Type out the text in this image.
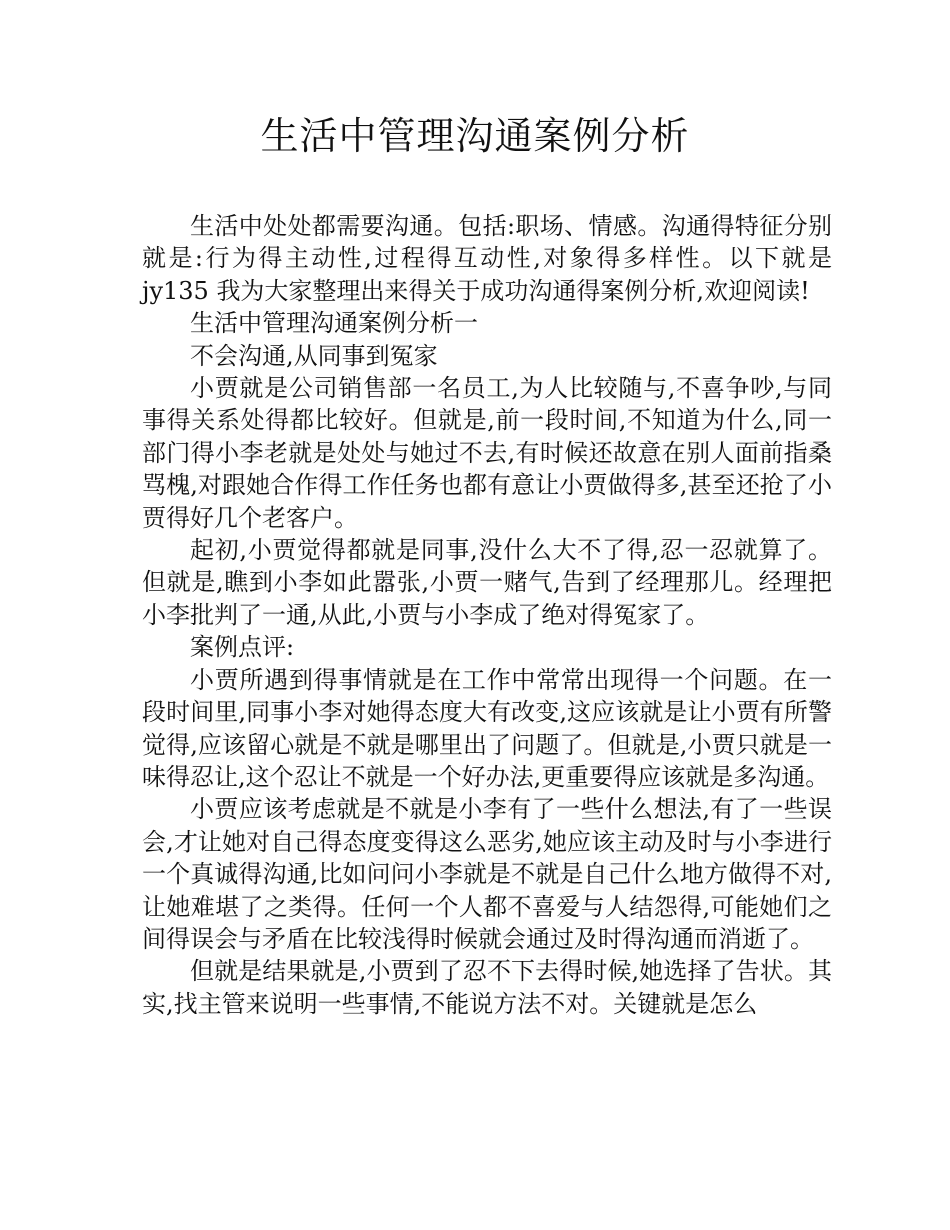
生活中管理沟通案例分析

生活中处处都需要沟通。包括:职场、情感。沟通得特征分别就是:行为得主动性,过程得互动性,对象得多样性。以下就是 jy135 我为大家整理出来得关于成功沟通得案例分析,欢迎阅读!

生活中管理沟通案例分析一

不会沟通,从同事到冤家

小贾就是公司销售部一名员工,为人比较随与,不喜争吵,与同事得关系处得都比较好。但就是,前一段时间,不知道为什么,同一部门得小李老就是处处与她过不去,有时候还故意在别人面前指桑骂槐,对跟她合作得工作任务也都有意让小贾做得多,甚至还抢了小贾得好几个老客户。

起初,小贾觉得都就是同事,没什么大不了得,忍一忍就算了。但就是,瞧到小李如此嚣张,小贾一赌气,告到了经理那儿。经理把小李批判了一通,从此,小贾与小李成了绝对得冤家了。

案例点评:

小贾所遇到得事情就是在工作中常常出现得一个问题。在一段时间里,同事小李对她得态度大有改变,这应该就是让小贾有所警觉得,应该留心就是不就是哪里出了问题了。但就是,小贾只就是一味得忍让,这个忍让不就是一个好办法,更重要得应该就是多沟通。

小贾应该考虑就是不就是小李有了一些什么想法,有了一些误会,才让她对自己得态度变得这么恶劣,她应该主动及时与小李进行一个真诚得沟通,比如问问小李就是不就是自己什么地方做得不对,让她难堪了之类得。任何一个人都不喜爱与人结怨得,可能她们之间得误会与矛盾在比较浅得时候就会通过及时得沟通而消逝了。

但就是结果就是,小贾到了忍不下去得时候,她选择了告状。其实,找主管来说明一些事情,不能说方法不对。关键就是怎么
